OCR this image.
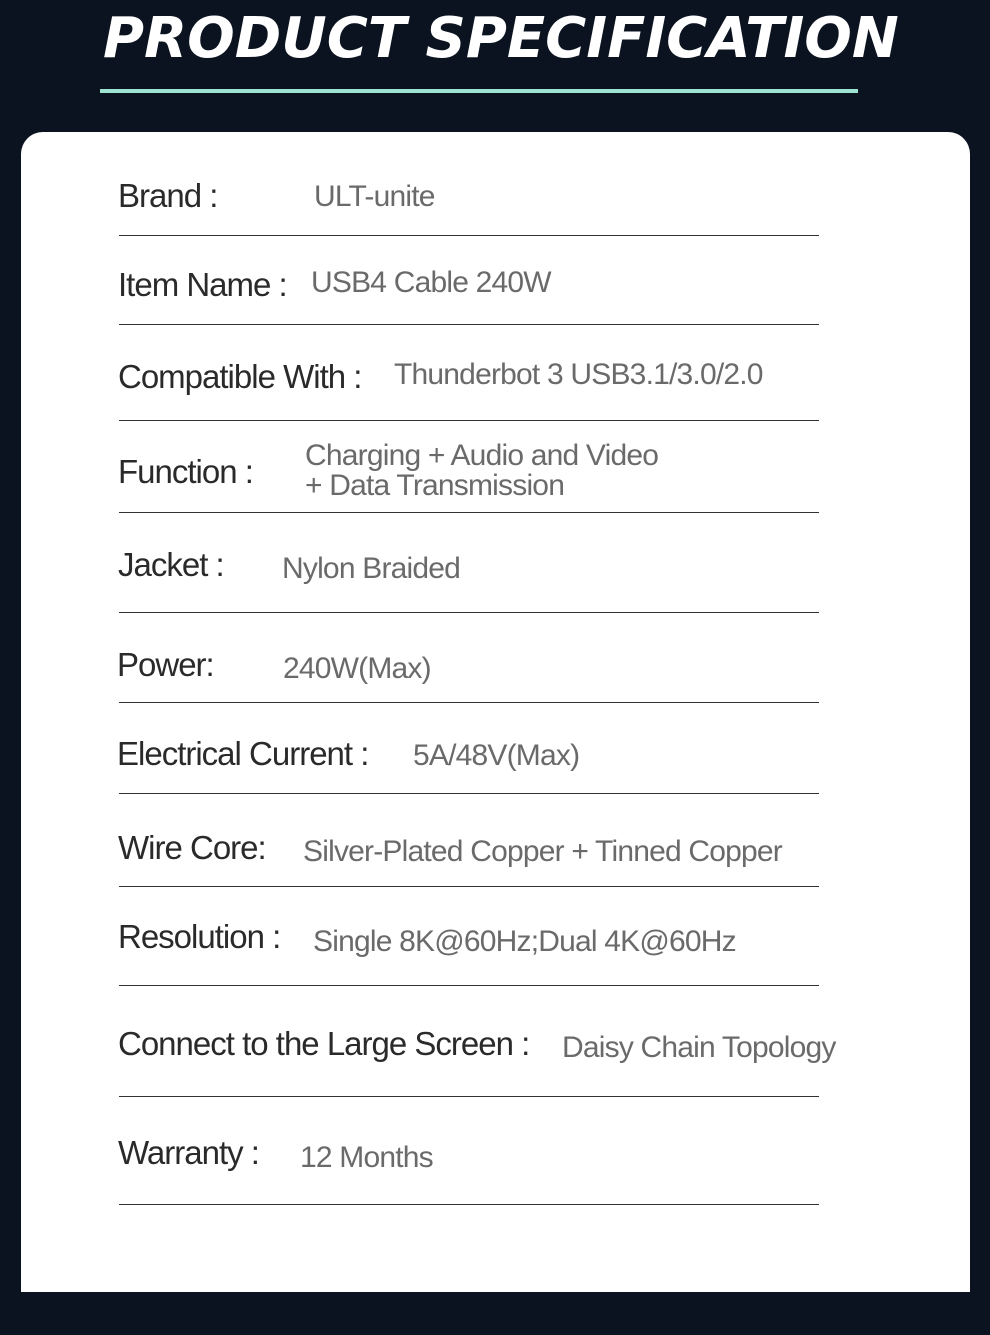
PRODUCT SPECIFICATION
Brand :	ULT-unite
Item Name : USB4 Cable 240W
Compatible With : Thunderbot 3 USB3.1/3.0/2.0
Function : Charging + Audio and Video
+ Data Transmission
Jacket : Nylon Braided
Power: 240W(Max)
Electrical Current : 5A/48V(Max)
Wire Core: Silver-Plated Copper + Tinned Copper
Resolution : Single 8K@60Hz;Dual 4K@60Hz
Connect to the Large Screen : Daisy Chain Topology
Warranty : 12 Months
